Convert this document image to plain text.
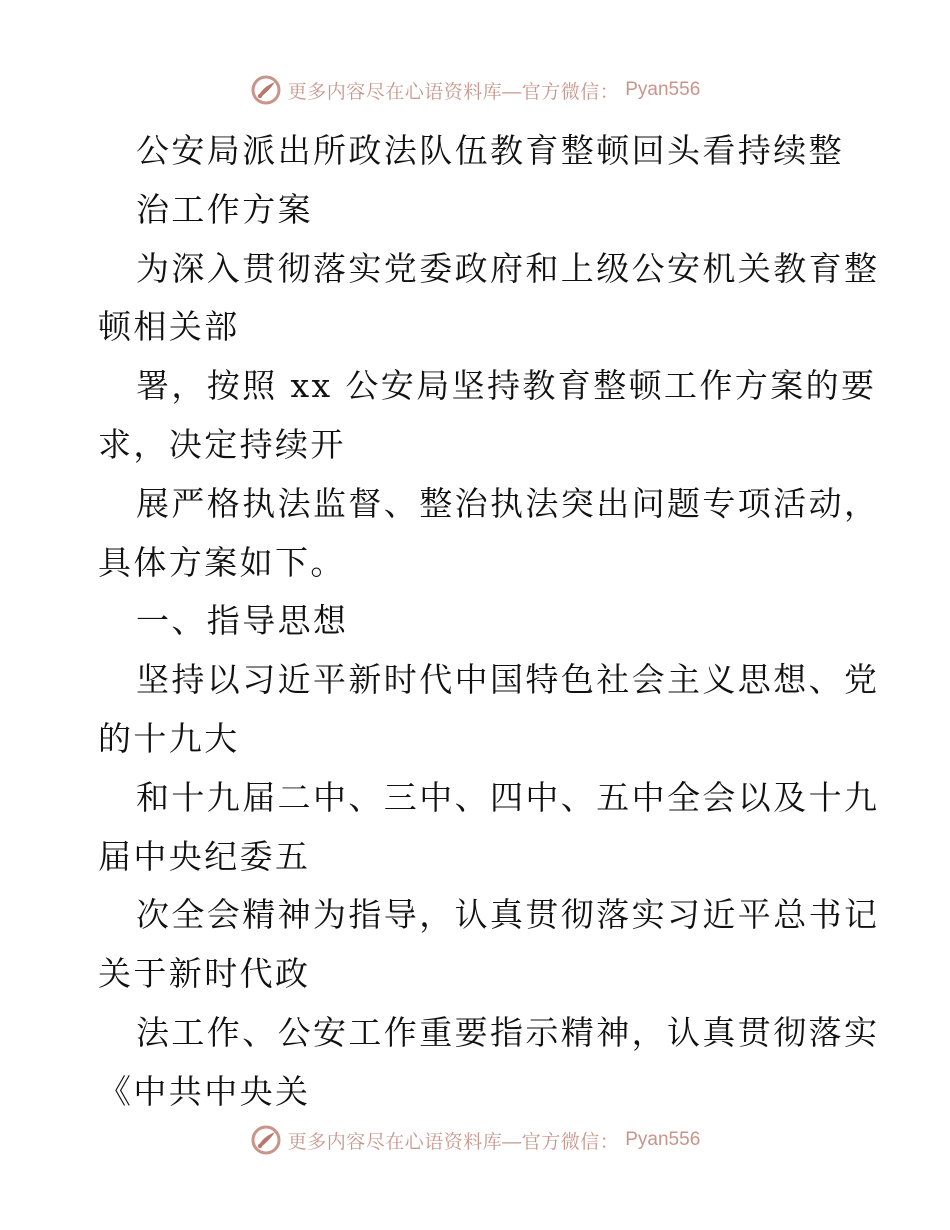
更多内容尽在心语资料库—官方微信： Pyan556
公安局派出所政法队伍教育整顿回头看持续整
治工作方案
为深入贯彻落实党委政府和上级公安机关教育整
顿相关部
署，按照 xx 公安局坚持教育整顿工作方案的要
求，决定持续开
展严格执法监督、整治执法突出问题专项活动，
具体方案如下。
一、指导思想
坚持以习近平新时代中国特色社会主义思想、党
的十九大
和十九届二中、三中、四中、五中全会以及十九
届中央纪委五
次全会精神为指导，认真贯彻落实习近平总书记
关于新时代政
法工作、公安工作重要指示精神，认真贯彻落实
《中共中央关
更多内容尽在心语资料库—官方微信： Pyan556
